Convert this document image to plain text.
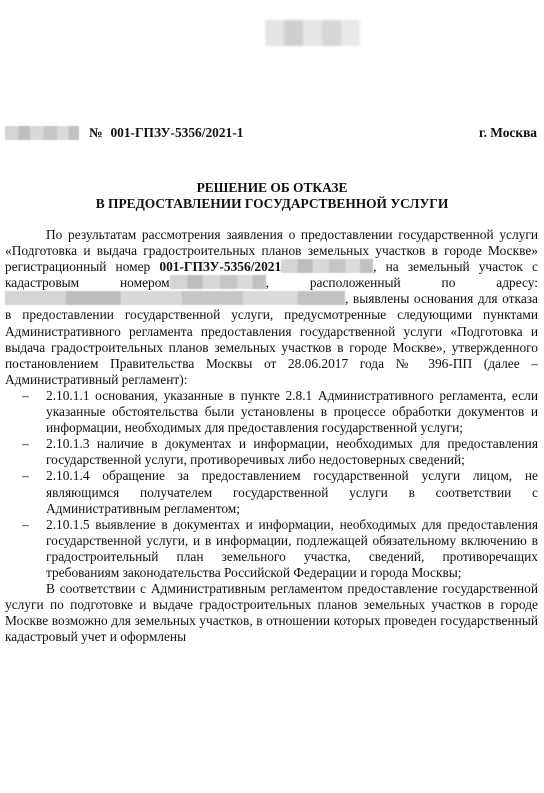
№ 001-ГПЗУ-5356/2021-1	г. Москва
РЕШЕНИЕ ОБ ОТКАЗЕ
В ПРЕДОСТАВЛЕНИИ ГОСУДАРСТВЕННОЙ УСЛУГИ

По результатам рассмотрения заявления о предоставлении государственной услуги «Подготовка и выдача градостроительных планов земельных участков в городе Москве» регистрационный номер 001-ГПЗУ-5356/2021	, на земельный участок с кадастровым номером	, расположенный по адресу: , выявлены основания для отказа в предоставлении государственной услуги, предусмотренные следующими пунктами Административного регламента предоставления государственной услуги «Подготовка и выдача градостроительных планов земельных участков в городе Москве», утвержденного постановлением Правительства Москвы от 28.06.2017 года № 396-ПП (далее – Административный регламент):

–	2.10.1.1 основания, указанные в пункте 2.8.1 Административного регламента, если указанные обстоятельства были установлены в процессе обработки документов и информации, необходимых для предоставления государственной услуги;

–	2.10.1.3 наличие в документах и информации, необходимых для предоставления государственной услуги, противоречивых либо недостоверных сведений;

–	2.10.1.4 обращение за предоставлением государственной услуги лицом, не являющимся получателем государственной услуги в соответствии с Административным регламентом;

–	2.10.1.5 выявление в документах и информации, необходимых для предоставления государственной услуги, и в информации, подлежащей обязательному включению в градостроительный план земельного участка, сведений, противоречащих требованиям законодательства Российской Федерации и города Москвы;

В соответствии с Административным регламентом предоставление государственной услуги по подготовке и выдаче градостроительных планов земельных участков в городе Москве возможно для земельных участков, в отношении которых проведен государственный кадастровый учет и оформлены
